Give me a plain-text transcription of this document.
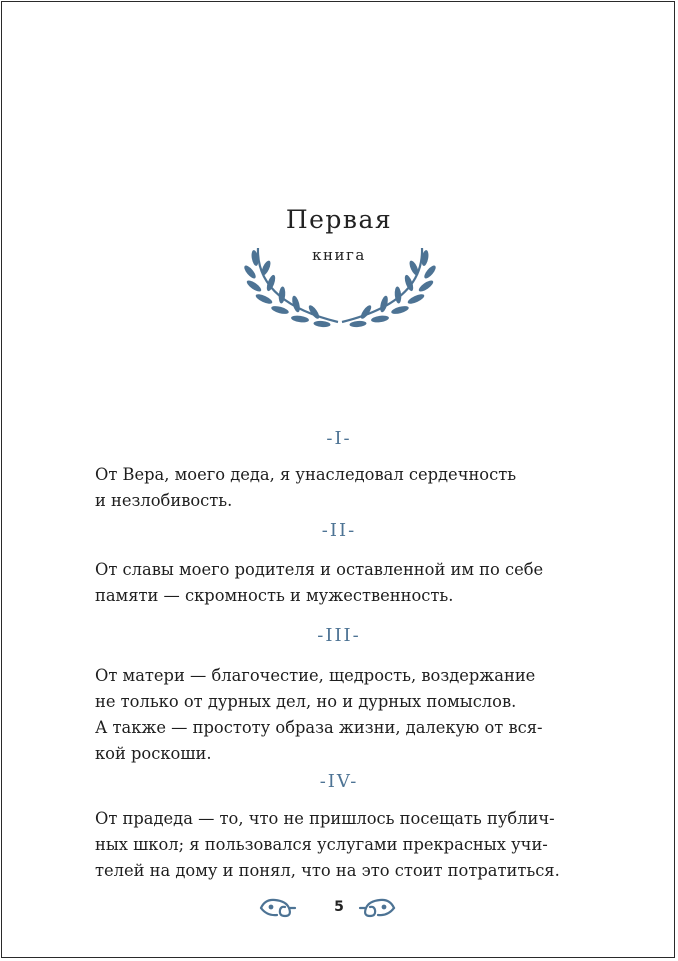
Первая
книга
-I-

От Вера, моего деда, я унаследовал сердечность
и незлобивость.

-II-

От славы моего родителя и оставленной им по себе
памяти — скромность и мужественность.

-III-

От матери — благочестие, щедрость, воздержание
не только от дурных дел, но и дурных помыслов.
А также — простоту образа жизни, далекую от вся-
кой роскоши.

-IV-

От прадеда — то, что не пришлось посещать публич-
ных школ; я пользовался услугами прекрасных учи-
телей на дому и понял, что на это стоит потратиться.

5
